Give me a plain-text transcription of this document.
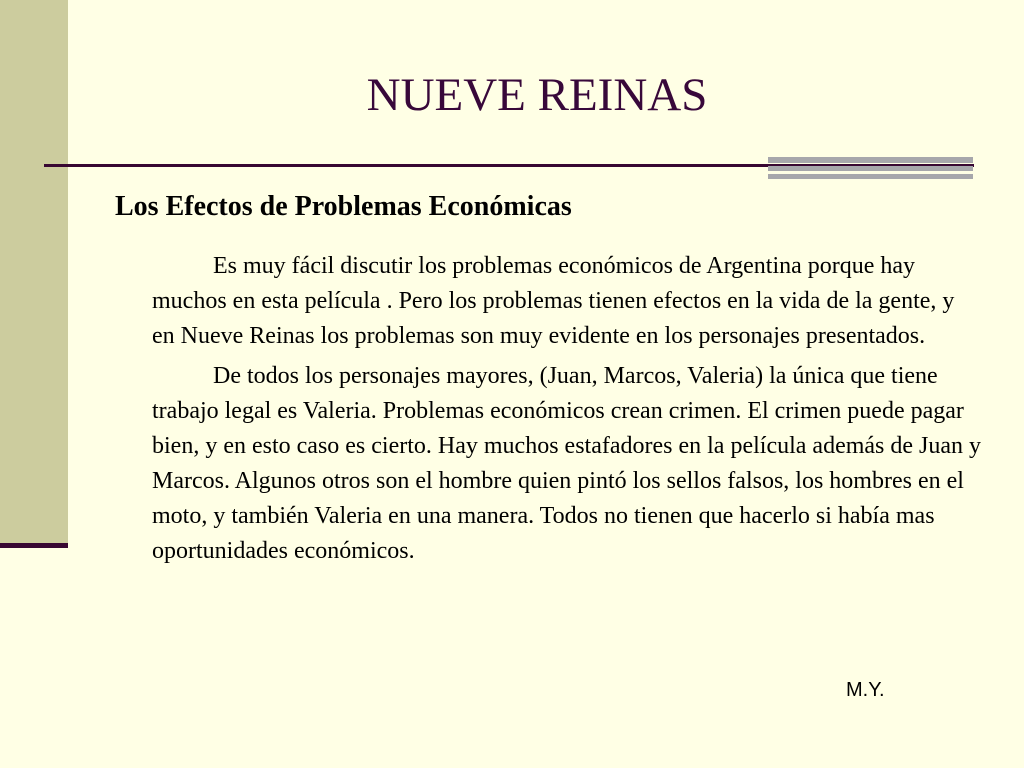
NUEVE REINAS
Los Efectos de Problemas Económicas

Es muy fácil discutir los problemas económicos de Argentina porque hay muchos en esta película . Pero los problemas tienen efectos en la vida de la gente, y en Nueve Reinas los problemas son muy evidente en los personajes presentados.

De todos los personajes mayores, (Juan, Marcos, Valeria) la única que tiene trabajo legal es Valeria. Problemas económicos crean crimen. El crimen puede pagar bien, y en esto caso es cierto. Hay muchos estafadores en la película además de Juan y Marcos. Algunos otros son el hombre quien pintó los sellos falsos, los hombres en el moto, y también Valeria en una manera. Todos no tienen que hacerlo si había mas oportunidades económicos.

M.Y.
